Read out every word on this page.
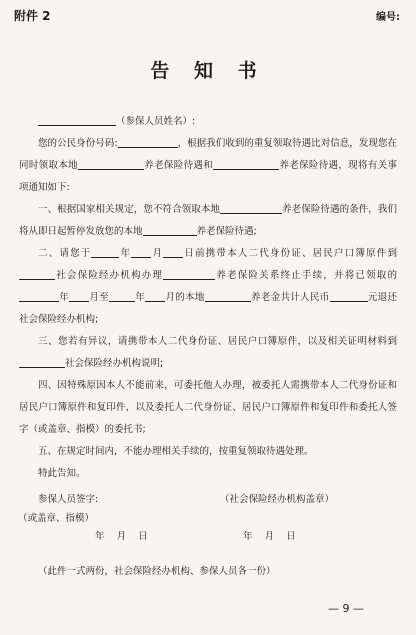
附件 2	编号:
告 知 书

（参保人员姓名）:

您的公民身份号码:	，根据我们收到的重复领取待遇比对信息，发现您在同时领取本地	养老保险待遇和	养老保险待遇，现将有关事项通知如下:

一、根据国家相关规定，您不符合领取本地	养老保险待遇的条件，我们将从即日起暂停发放您的本地	养老保险待遇;

二、请您于	年 月 日前携带本人二代身份证、居民户口簿原件到社会保险经办机构办理	养老保险关系终止手续，并将已领取的年 月至	年 月的本地	养老金共计人民币	元退还社会保险经办机构;

三、您若有异议，请携带本人二代身份证、居民户口簿原件，以及相关证明材料到社会保险经办机构说明;

四、因特殊原因本人不能前来，可委托他人办理，被委托人需携带本人二代身份证和居民户口簿原件和复印件，以及委托人二代身份证、居民户口簿原件和复印件和委托人签字（或盖章、指模）的委托书;

五、在规定时间内，不能办理相关手续的，按重复领取待遇处理。

特此告知。

参保人员签字:
（或盖章、指模）
（社会保险经办机构盖章）
年    月    日	年    月    日
（此件一式两份，社会保险经办机构、参保人员各一份）
— 9 —
